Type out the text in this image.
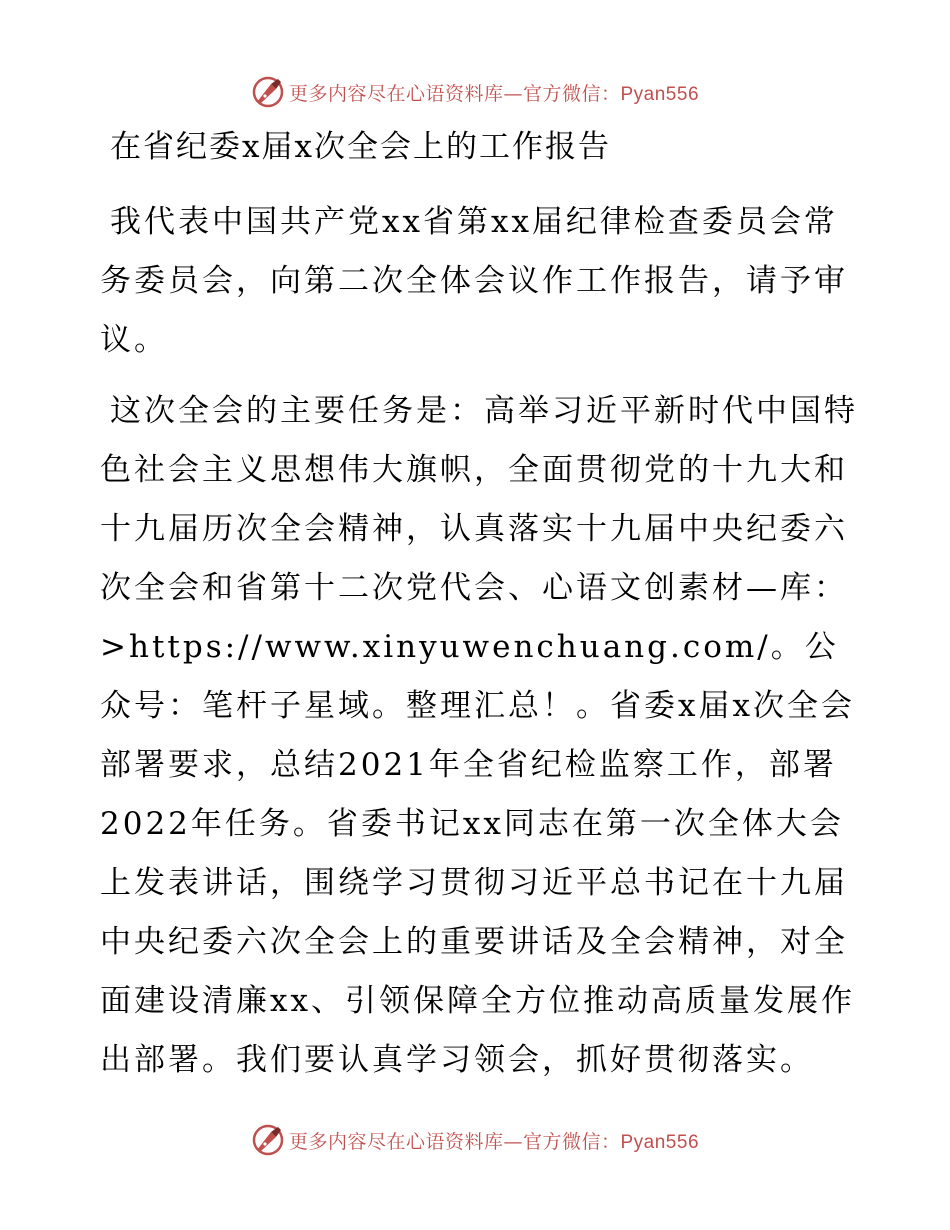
更多内容尽在心语资料库—官方微信：Pyan556
在省纪委x届x次全会上的工作报告
我代表中国共产党xx省第xx届纪律检查委员会常务委员会，向第二次全体会议作工作报告，请予审议。
这次全会的主要任务是：高举习近平新时代中国特色社会主义思想伟大旗帜，全面贯彻党的十九大和十九届历次全会精神，认真落实十九届中央纪委六次全会和省第十二次党代会、心语文创素材—库：>https://www.xinyuwenchuang.com/。公众号：笔杆子星域。整理汇总！。省委x届x次全会部署要求，总结2021年全省纪检监察工作，部署2022年任务。省委书记xx同志在第一次全体大会上发表讲话，围绕学习贯彻习近平总书记在十九届中央纪委六次全会上的重要讲话及全会精神，对全面建设清廉xx、引领保障全方位推动高质量发展作出部署。我们要认真学习领会，抓好贯彻落实。
更多内容尽在心语资料库—官方微信：Pyan556
